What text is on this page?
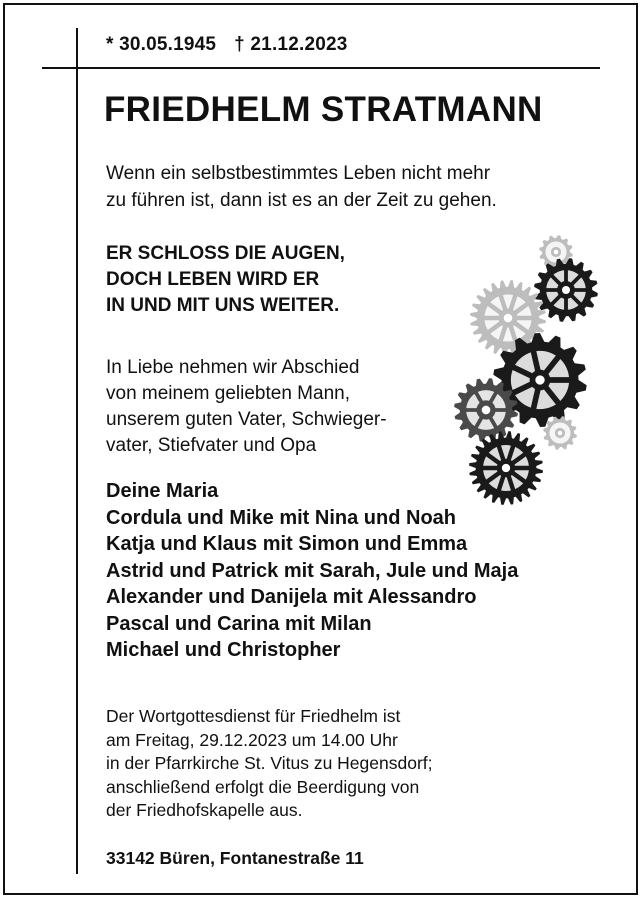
* 30.05.1945 † 21.12.2023
FRIEDHELM STRATMANN
Wenn ein selbstbestimmtes Leben nicht mehr
zu führen ist, dann ist es an der Zeit zu gehen.
ER SCHLOSS DIE AUGEN,
DOCH LEBEN WIRD ER
IN UND MIT UNS WEITER.
In Liebe nehmen wir Abschied
von meinem geliebten Mann,
unserem guten Vater, Schwieger-
vater, Stiefvater und Opa
Deine Maria
Cordula und Mike mit Nina und Noah
Katja und Klaus mit Simon und Emma
Astrid und Patrick mit Sarah, Jule und Maja
Alexander und Danijela mit Alessandro
Pascal und Carina mit Milan
Michael und Christopher
Der Wortgottesdienst für Friedhelm ist
am Freitag, 29.12.2023 um 14.00 Uhr
in der Pfarrkirche St. Vitus zu Hegensdorf;
anschließend erfolgt die Beerdigung von
der Friedhofskapelle aus.
33142 Büren, Fontanestraße 11
